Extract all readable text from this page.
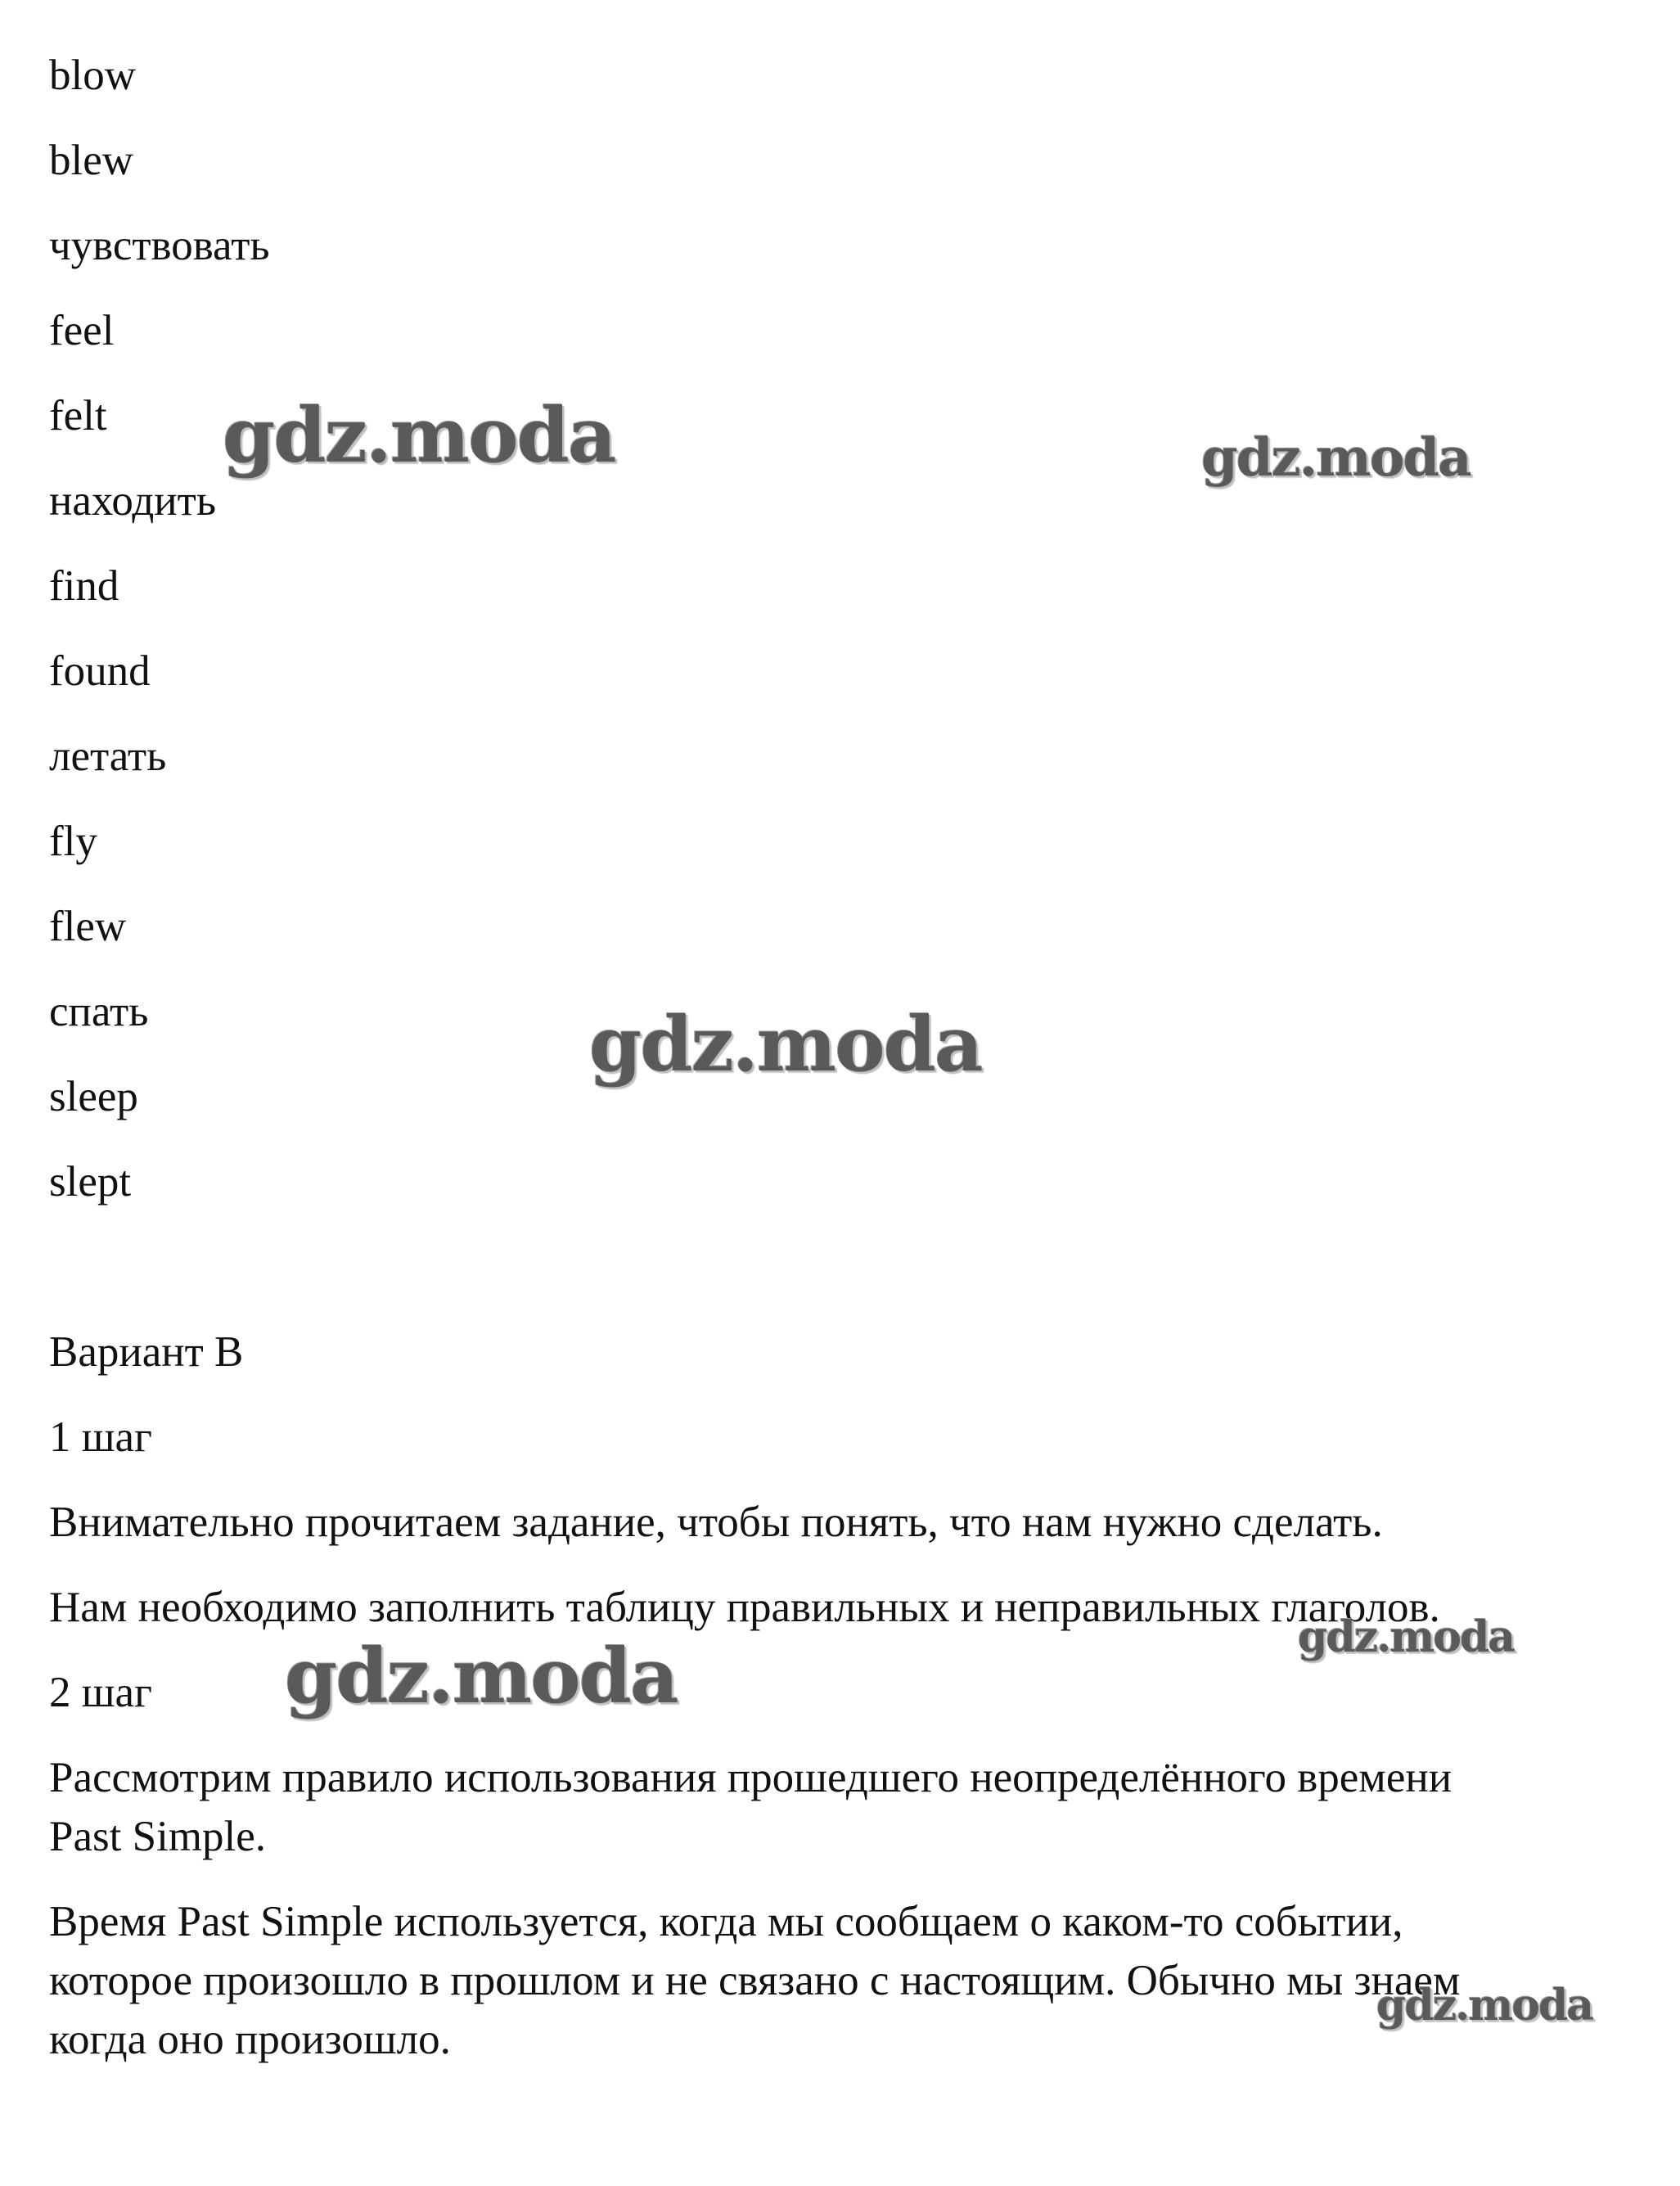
blow

blew

чувствовать

feel

felt

находить

find

found

летать

fly

flew

спать

sleep

slept

Вариант B

1 шаг

Внимательно прочитаем задание, чтобы понять, что нам нужно сделать.

Нам необходимо заполнить таблицу правильных и неправильных глаголов.

2 шаг

Рассмотрим правило использования прошедшего неопределённого времени

Past Simple.

Время Past Simple используется, когда мы сообщаем о каком-то событии,

которое произошло в прошлом и не связано с настоящим. Обычно мы знаем

когда оно произошло.

gdz.moda	gdz.moda
gdz.moda
gdz.moda	gdz.moda
gdz.moda
